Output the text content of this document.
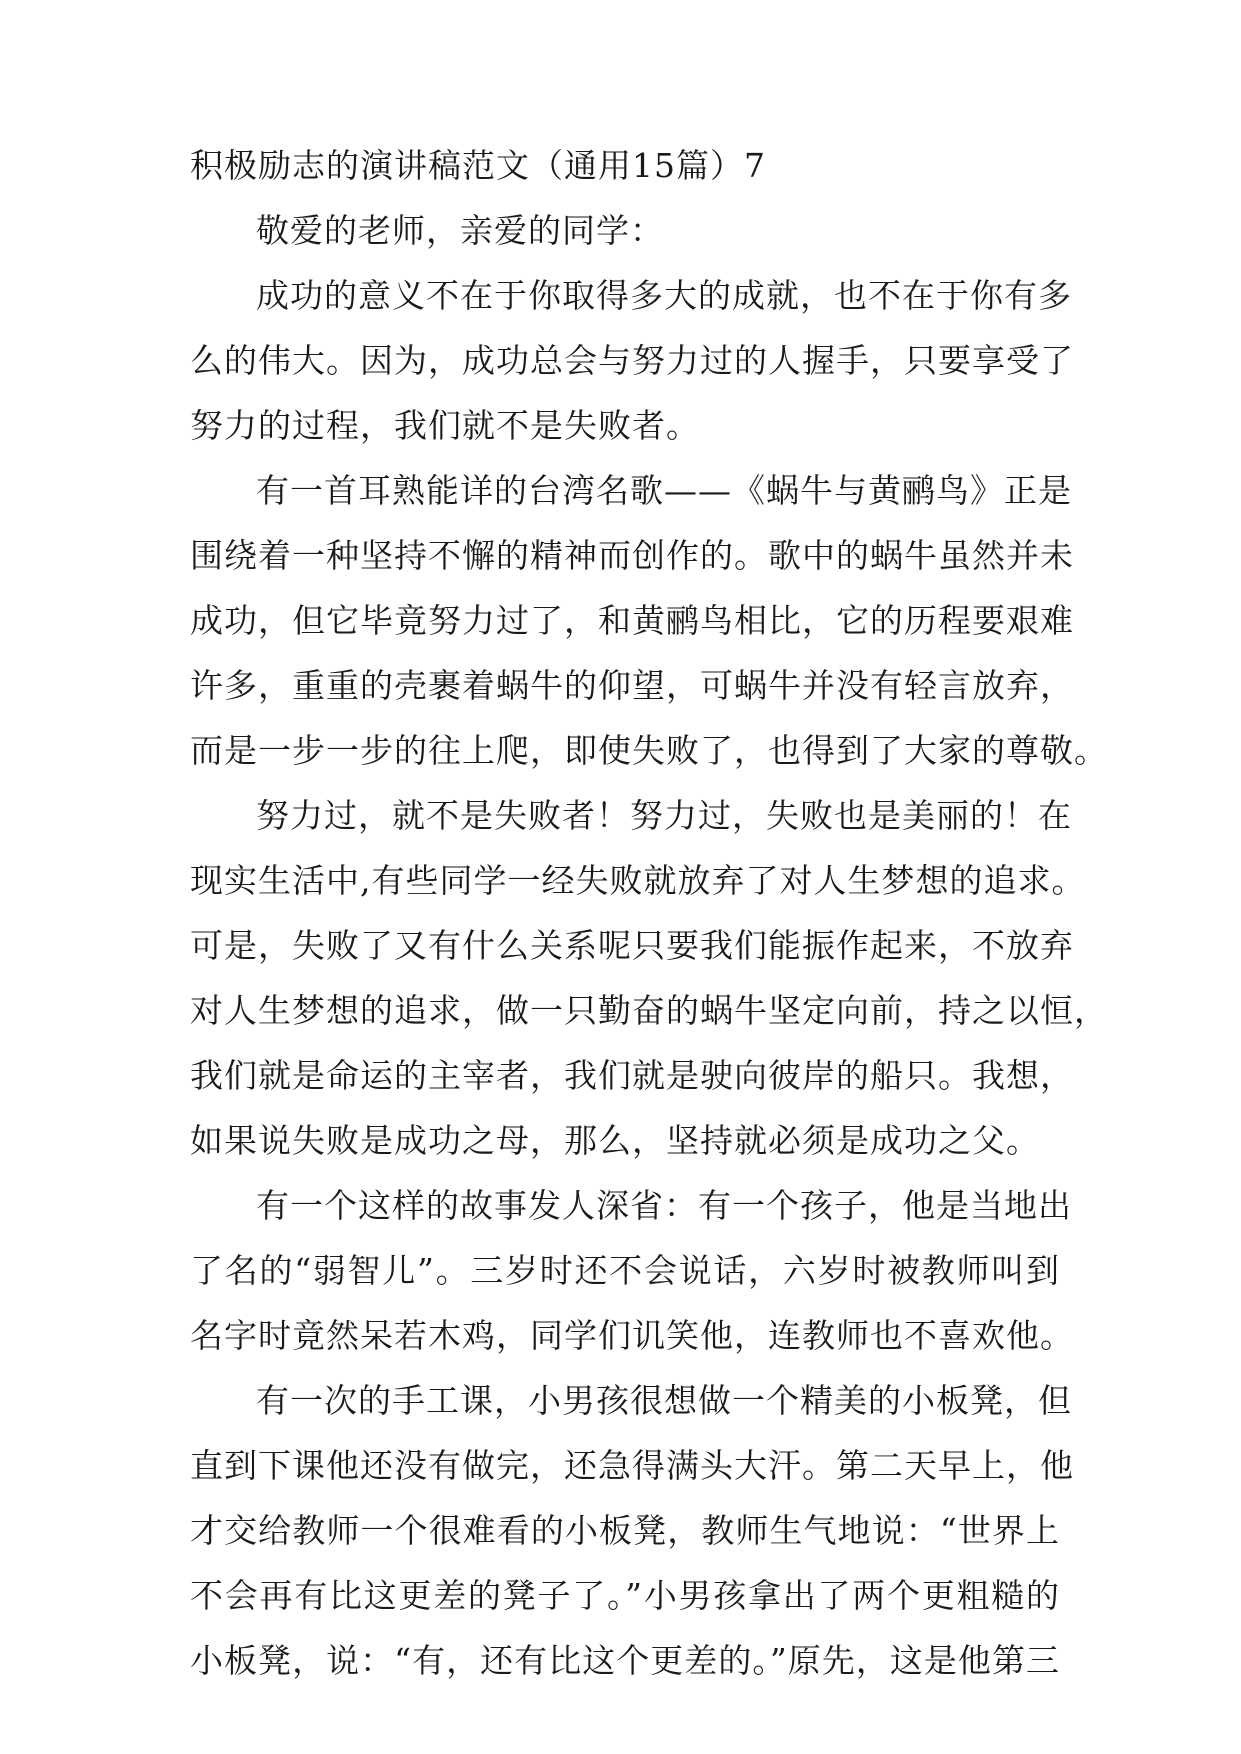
积极励志的演讲稿范文（通用15篇）7
敬爱的老师，亲爱的同学：
成功的意义不在于你取得多大的成就，也不在于你有多
么的伟大。因为，成功总会与努力过的人握手，只要享受了
努力的过程，我们就不是失败者。
有一首耳熟能详的台湾名歌——《蜗牛与黄鹂鸟》正是
围绕着一种坚持不懈的精神而创作的。歌中的蜗牛虽然并未
成功，但它毕竟努力过了，和黄鹂鸟相比，它的历程要艰难
许多，重重的壳裹着蜗牛的仰望，可蜗牛并没有轻言放弃，
而是一步一步的往上爬，即使失败了，也得到了大家的尊敬。
努力过，就不是失败者！努力过，失败也是美丽的！在
现实生活中,有些同学一经失败就放弃了对人生梦想的追求。
可是，失败了又有什么关系呢只要我们能振作起来，不放弃
对人生梦想的追求，做一只勤奋的蜗牛坚定向前，持之以恒，
我们就是命运的主宰者，我们就是驶向彼岸的船只。我想，
如果说失败是成功之母，那么，坚持就必须是成功之父。
有一个这样的故事发人深省：有一个孩子，他是当地出
了名的“弱智儿”。三岁时还不会说话，六岁时被教师叫到
名字时竟然呆若木鸡，同学们讥笑他，连教师也不喜欢他。
有一次的手工课，小男孩很想做一个精美的小板凳，但
直到下课他还没有做完，还急得满头大汗。第二天早上，他
才交给教师一个很难看的小板凳，教师生气地说：“世界上
不会再有比这更差的凳子了。”小男孩拿出了两个更粗糙的
小板凳，说：“有，还有比这个更差的。”原先，这是他第三
